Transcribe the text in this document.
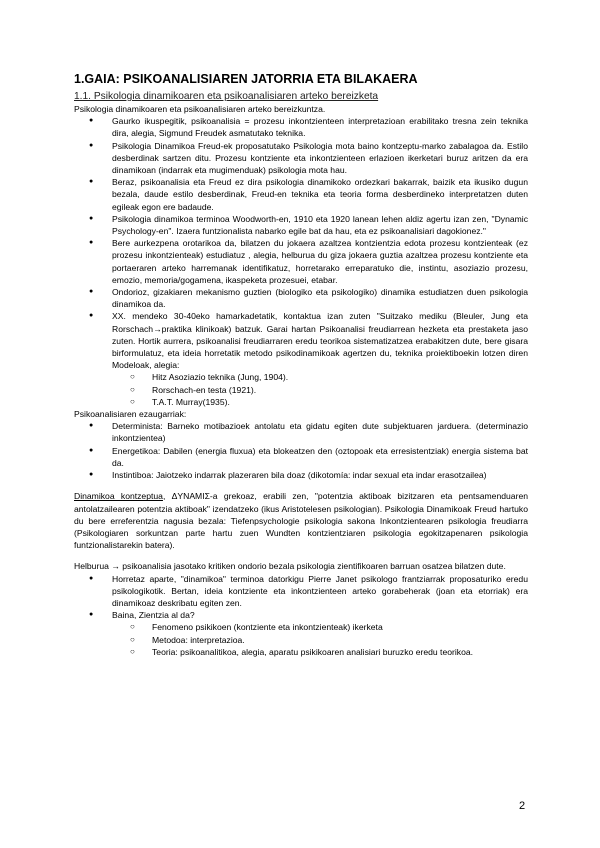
1.GAIA: PSIKOANALISIAREN JATORRIA ETA BILAKAERA
1.1. Psikologia dinamikoaren eta psikoanalisiaren arteko bereizketa

Psikologia dinamikoaren eta psikoanalisiaren arteko bereizkuntza.

● Gaurko ikuspegitik, psikoanalisia = prozesu inkontzienteen interpretazioan erabilitako tresna zein teknika dira, alegia, Sigmund Freudek asmatutako teknika.
● Psikologia Dinamikoa Freud-ek proposatutako Psikologia mota baino kontzeptu-marko zabalagoa da. Estilo desberdinak sartzen ditu. Prozesu kontziente eta inkontzienteen erlazioen ikerketari buruz aritzen da era dinamikoan (indarrak eta mugimenduak) psikologia mota hau.
● Beraz, psikoanalisia eta Freud ez dira psikologia dinamikoko ordezkari bakarrak, baizik eta ikusiko dugun bezala, daude estilo desberdinak, Freud-en teknika eta teoria forma desberdineko interpretatzen duten egileak egon ere badaude.
● Psikologia dinamikoa terminoa Woodworth-en, 1910 eta 1920 lanean lehen aldiz agertu izan zen, "Dynamic Psychology-en". Izaera funtzionalista nabarko egile bat da hau, eta ez psikoanalisiari dagokionez."
● Bere aurkezpena orotarikoa da, bilatzen du jokaera azaltzea kontzientzia edota prozesu kontzienteak (ez prozesu inkontzienteak) estudiatuz , alegia, helburua du giza jokaera guztia azaltzea prozesu kontziente eta portaeraren arteko harremanak identifikatuz, horretarako erreparatuko die, instintu, asoziazio prozesu, emozio, memoria/gogamena, ikaspeketa prozesuei, etabar.
● Ondorioz, gizakiaren mekanismo guztien (biologiko eta psikologiko) dinamika estudiatzen duen psikologia dinamikoa da.
● XX. mendeko 30-40eko hamarkadetatik, kontaktua izan zuten "Suitzako mediku (Bleuler, Jung eta Rorschach→praktika klinikoak) batzuk. Garai hartan Psikoanalisi freudiarrean hezketa eta prestaketa jaso zuten. Hortik aurrera, psikoanalisi freudiarraren eredu teorikoa sistematizatzea erabakitzen dute, bere gisara birformulatuz, eta ideia horretatik metodo psikodinamikoak agertzen du, teknika proiektiboekin lotzen diren Modeloak, alegia:
○ Hitz Asoziazio teknika (Jung, 1904).
○ Rorschach-en testa (1921).
○ T.A.T. Murray(1935).

Psikoanalisiaren ezaugarriak:

● Determinista: Barneko motibazioek antolatu eta gidatu egiten dute subjektuaren jarduera. (determinazio inkontzientea)
● Energetikoa: Dabilen (energia fluxua) eta blokeatzen den (oztopoak eta erresistentziak) energia sistema bat da.
● Instintiboa: Jaiotzeko indarrak plazeraren bila doaz (dikotomía: indar sexual eta indar erasotzailea)

Dinamikoa kontzeptua, ΔYNAMIΣ-a grekoaz, erabili zen, "potentzia aktiboak bizitzaren eta pentsamenduaren antolatzailearen potentzia aktiboak" izendatzeko (ikus Aristotelesen psikologian). Psikologia Dinamikoak Freud hartuko du bere erreferentzia nagusia bezala: Tiefenpsychologie psikologia sakona Inkontzientearen psikologia freudiarra (Psikologiaren sorkuntzan parte hartu zuen Wundten kontzientziaren psikologia egokitzapenaren psikologia funtzionalistarekin batera).

Helburua → psikoanalisia jasotako kritiken ondorio bezala psikologia zientifikoaren barruan osatzea bilatzen dute.

● Horretaz aparte, "dinamikoa" terminoa datorkigu Pierre Janet psikologo frantziarrak proposaturiko eredu psikologikotik. Bertan, ideia kontziente eta inkontzienteen arteko gorabeherak (joan eta etorriak) era dinamikoaz deskribatu egiten zen.
● Baina, Zientzia al da?
○ Fenomeno psikikoen (kontziente eta inkontzienteak) ikerketa
○ Metodoa: interpretazioa.
○ Teoria: psikoanalitikoa, alegia, aparatu psikikoaren analisiari buruzko eredu teorikoa.
2
